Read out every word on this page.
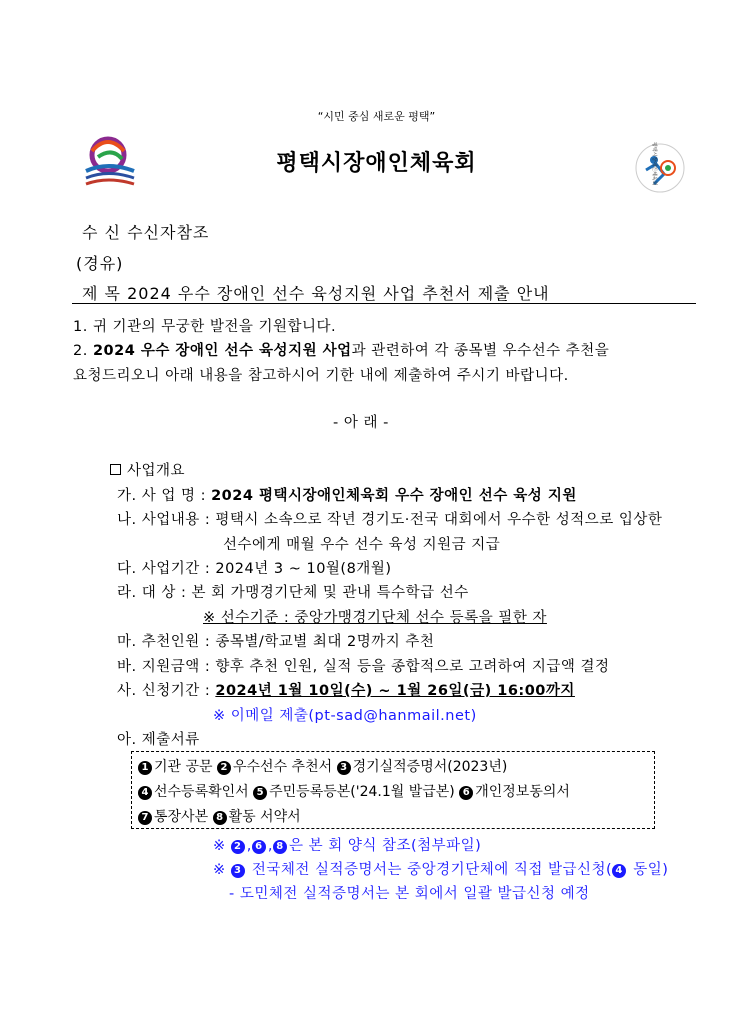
“시민 중심 새로운 평택”
평택시장애인체육회	평택시장애인체육회
수 신 수신자참조
(경유)
제 목 2024 우수 장애인 선수 육성지원 사업 추천서 제출 안내
1. 귀 기관의 무궁한 발전을 기원합니다.
2. 2024 우수 장애인 선수 육성지원 사업과 관련하여 각 종목별 우수선수 추천을
요청드리오니 아래 내용을 참고하시어 기한 내에 제출하여 주시기 바랍니다.
- 아 래 -
사업개요
가. 사 업 명 : 2024 평택시장애인체육회 우수 장애인 선수 육성 지원
나. 사업내용 : 평택시 소속으로 작년 경기도·전국 대회에서 우수한 성적으로 입상한
선수에게 매월 우수 선수 육성 지원금 지급
다. 사업기간 : 2024년 3 ~ 10월(8개월)
라. 대 상 : 본 회 가맹경기단체 및 관내 특수학급 선수
※ 선수기준 : 중앙가맹경기단체 선수 등록을 필한 자
마. 추천인원 : 종목별/학교별 최대 2명까지 추천
바. 지원금액 : 향후 추천 인원, 실적 등을 종합적으로 고려하여 지급액 결정
사. 신청기간 : 2024년 1월 10일(수) ~ 1월 26일(금) 16:00까지
※ 이메일 제출(pt-sad@hanmail.net)
아. 제출서류
1 기관 공문 2 우수선수 추천서 3 경기실적증명서(2023년)
4 선수등록확인서 5 주민등록등본('24.1월 발급본) 6 개인정보동의서
7 통장사본 8 활동 서약서
※ 2 , 6 , 8 은 본 회 양식 참조(첨부파일)
※ 3 전국체전 실적증명서는 중앙경기단체에 직접 발급신청( 4 동일)
- 도민체전 실적증명서는 본 회에서 일괄 발급신청 예정
